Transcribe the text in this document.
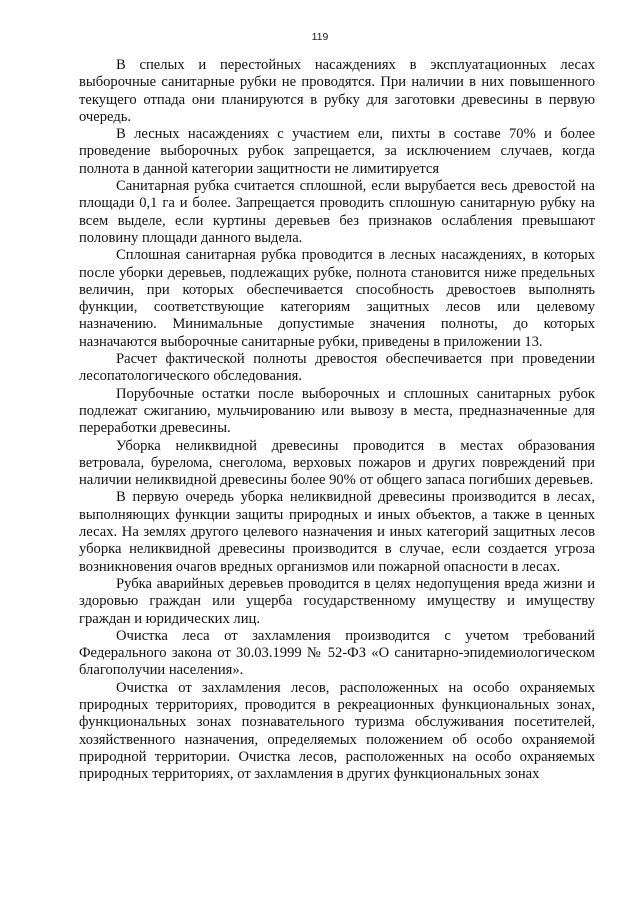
119

В спелых и перестойных насаждениях в эксплуатационных лесах выборочные санитарные рубки не проводятся. При наличии в них повышенного текущего отпада они планируются в рубку для заготовки древесины в первую очередь.

В лесных насаждениях с участием ели, пихты в составе 70% и более проведение выборочных рубок запрещается, за исключением случаев, когда полнота в данной категории защитности не лимитируется

Санитарная рубка считается сплошной, если вырубается весь древостой на площади 0,1 га и более. Запрещается проводить сплошную санитарную рубку на всем выделе, если куртины деревьев без признаков ослабления превышают половину площади данного выдела.

Сплошная санитарная рубка проводится в лесных насаждениях, в которых после уборки деревьев, подлежащих рубке, полнота становится ниже предельных величин, при которых обеспечивается способность древостоев выполнять функции, соответствующие категориям защитных лесов или целевому назначению. Минимальные допустимые значения полноты, до которых назначаются выборочные санитарные рубки, приведены в приложении 13.

Расчет фактической полноты древостоя обеспечивается при проведении лесопатологического обследования.

Порубочные остатки после выборочных и сплошных санитарных рубок подлежат сжиганию, мульчированию или вывозу в места, предназначенные для переработки древесины.

Уборка неликвидной древесины проводится в местах образования ветровала, бурелома, снеголома, верховых пожаров и других повреждений при наличии неликвидной древесины более 90% от общего запаса погибших деревьев.

В первую очередь уборка неликвидной древесины производится в лесах, выполняющих функции защиты природных и иных объектов, а также в ценных лесах. На землях другого целевого назначения и иных категорий защитных лесов уборка неликвидной древесины производится в случае, если создается угроза возникновения очагов вредных организмов или пожарной опасности в лесах.

Рубка аварийных деревьев проводится в целях недопущения вреда жизни и здоровью граждан или ущерба государственному имуществу и имуществу граждан и юридических лиц.

Очистка леса от захламления производится с учетом требований Федерального закона от 30.03.1999 № 52-ФЗ «О санитарно-эпидемиологическом благополучии населения».

Очистка от захламления лесов, расположенных на особо охраняемых природных территориях, проводится в рекреационных функциональных зонах, функциональных зонах познавательного туризма обслуживания посетителей, хозяйственного назначения, определяемых положением об особо охраняемой природной территории. Очистка лесов, расположенных на особо охраняемых природных территориях, от захламления в других функциональных зонах
